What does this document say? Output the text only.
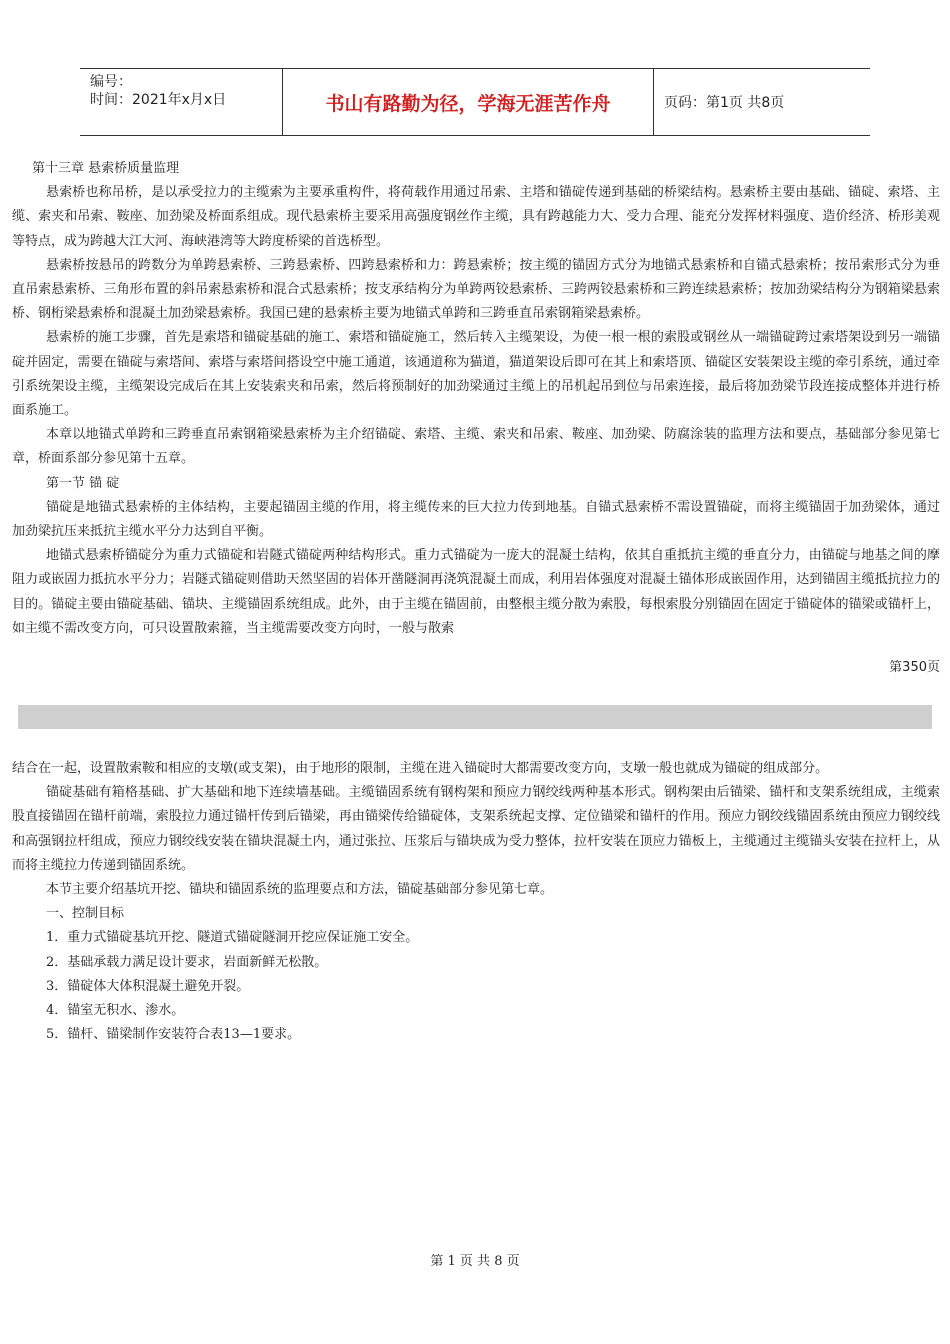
编号：
时间：2021年x月x日	书山有路勤为径，学海无涯苦作舟	页码：第1页 共8页

第十三章 悬索桥质量监理

悬索桥也称吊桥，是以承受拉力的主缆索为主要承重构件，将荷载作用通过吊索、主塔和锚碇传递到基础的桥梁结构。悬索桥主要由基础、锚碇、索塔、主缆、索夹和吊索、鞍座、加劲梁及桥面系组成。现代悬索桥主要采用高强度钢丝作主缆，具有跨越能力大、受力合理、能充分发挥材料强度、造价经济、桥形美观等特点，成为跨越大江大河、海峡港湾等大跨度桥梁的首选桥型。

悬索桥按悬吊的跨数分为单跨悬索桥、三跨悬索桥、四跨悬索桥和力：跨悬索桥；按主缆的锚固方式分为地锚式悬索桥和自锚式悬索桥；按吊索形式分为垂直吊索悬索桥、三角形布置的斜吊索悬索桥和混合式悬索桥；按支承结构分为单跨两铰悬索桥、三跨两铰悬索桥和三跨连续悬索桥；按加劲梁结构分为钢箱梁悬索桥、钢桁梁悬索桥和混凝土加劲梁悬索桥。我国已建的悬索桥主要为地锚式单跨和三跨垂直吊索钢箱梁悬索桥。

悬索桥的施工步骤，首先是索塔和锚碇基础的施工、索塔和锚碇施工，然后转入主缆架设，为使一根一根的索股或钢丝从一端锚碇跨过索塔架设到另一端锚碇并固定，需要在锚碇与索塔间、索塔与索塔间搭设空中施工通道，该通道称为猫道，猫道架设后即可在其上和索塔顶、锚碇区安装架设主缆的牵引系统，通过牵引系统架设主缆，主缆架设完成后在其上安装索夹和吊索，然后将预制好的加劲梁通过主缆上的吊机起吊到位与吊索连接，最后将加劲梁节段连接成整体并进行桥面系施工。

本章以地锚式单跨和三跨垂直吊索钢箱梁悬索桥为主介绍锚碇、索塔、主缆、索夹和吊索、鞍座、加劲梁、防腐涂装的监理方法和要点，基础部分参见第七章，桥面系部分参见第十五章。

第一节 锚 碇

锚碇是地锚式悬索桥的主体结构，主要起锚固主缆的作用，将主缆传来的巨大拉力传到地基。自锚式悬索桥不需设置锚碇，而将主缆锚固于加劲梁体，通过加劲梁抗压来抵抗主缆水平分力达到自平衡。

地锚式悬索桥锚碇分为重力式锚碇和岩隧式锚碇两种结构形式。重力式锚碇为一庞大的混凝土结构，依其自重抵抗主缆的垂直分力，由锚碇与地基之间的摩阻力或嵌固力抵抗水平分力；岩隧式锚碇则借助天然坚固的岩体开凿隧洞再浇筑混凝土而成，利用岩体强度对混凝土锚体形成嵌固作用，达到锚固主缆抵抗拉力的目的。锚碇主要由锚碇基础、锚块、主缆锚固系统组成。此外，由于主缆在锚固前，由整根主缆分散为索股，每根索股分别锚固在固定于锚碇体的锚梁或锚杆上，如主缆不需改变方向，可只设置散索箍，当主缆需要改变方向时，一般与散索

第350页

结合在一起，设置散索鞍和相应的支墩(或支架)，由于地形的限制，主缆在进入锚碇时大都需要改变方向，支墩一般也就成为锚碇的组成部分。

锚碇基础有箱格基础、扩大基础和地下连续墙基础。主缆锚固系统有钢构架和预应力钢绞线两种基本形式。钢构架由后锚梁、锚杆和支架系统组成，主缆索股直接锚固在锚杆前端，索股拉力通过锚杆传到后锚梁，再由锚梁传给锚碇体，支架系统起支撑、定位锚梁和锚杆的作用。预应力钢绞线锚固系统由预应力钢绞线和高强钢拉杆组成，预应力钢绞线安装在锚块混凝土内，通过张拉、压浆后与锚块成为受力整体，拉杆安装在顶应力锚板上，主缆通过主缆锚头安装在拉杆上，从而将主缆拉力传递到锚固系统。

本节主要介绍基坑开挖、锚块和锚固系统的监理要点和方法，锚碇基础部分参见第七章。

一、控制目标

1．重力式锚碇基坑开挖、隧道式锚碇隧洞开挖应保证施工安全。

2．基础承载力满足设计要求，岩面新鲜无松散。

3．锚碇体大体积混凝土避免开裂。

4．锚室无积水、渗水。

5．锚杆、锚梁制作安装符合表13—1要求。

第 1 页 共 8 页
